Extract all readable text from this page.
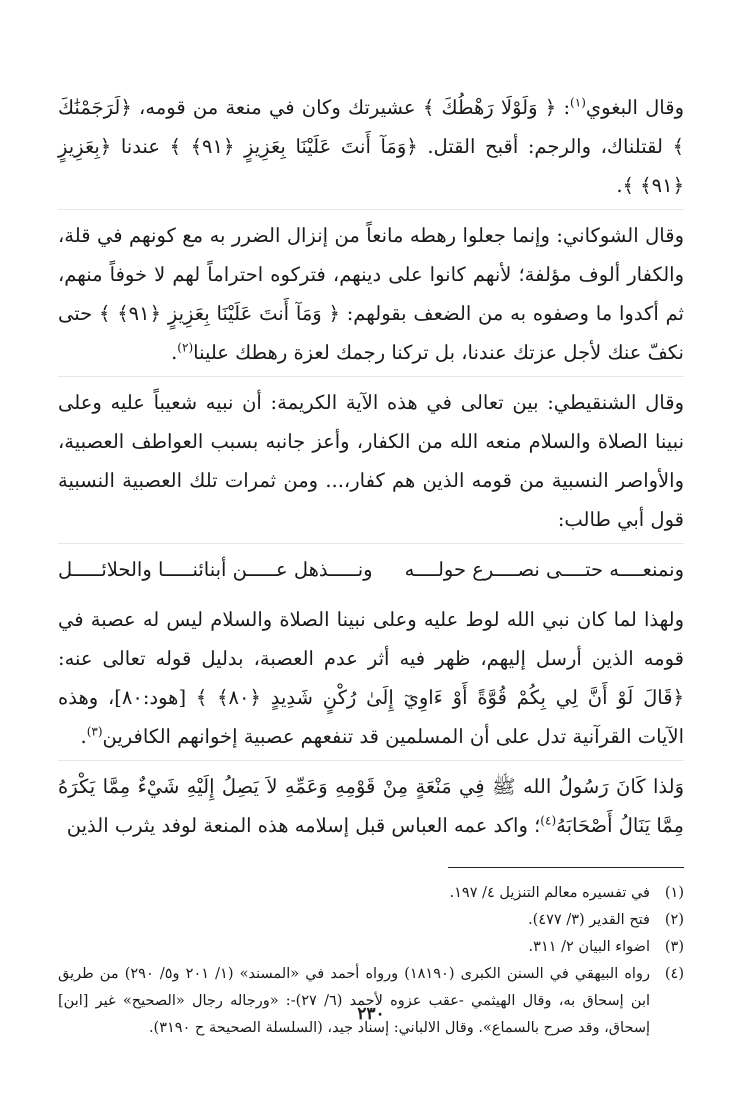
وقال البغوي$^{(١)}$: ﴿ وَلَوْلَا رَهْطُكَ ﴾ عشيرتك وكان في منعة من قومه، ﴿لَرَجَمْنَٰكَ ﴾ لقتلناك، والرجم: أقبح القتل. ﴿وَمَآ أَنتَ عَلَيْنَا بِعَزِيزٍ ﴿٩١﴾ ﴾ عندنا ﴿بِعَزِيزٍ ﴿٩١﴾ ﴾.

وقال الشوكاني: وإنما جعلوا رهطه مانعاً من إنزال الضرر به مع كونهم في قلة، والكفار ألوف مؤلفة؛ لأنهم كانوا على دينهم، فتركوه احتراماً لهم لا خوفاً منهم، ثم أكدوا ما وصفوه به من الضعف بقولهم: ﴿ وَمَآ أَنتَ عَلَيْنَا بِعَزِيزٍ ﴿٩١﴾ ﴾ حتى نكفّ عنك لأجل عزتك عندنا، بل تركنا رجمك لعزة رهطك علينا$^{(٢)}$.

وقال الشنقيطي: بين تعالى في هذه الآية الكريمة: أن نبيه شعيباً عليه وعلى نبينا الصلاة والسلام منعه الله من الكفار، وأعز جانبه بسبب العواطف العصبية، والأواصر النسبية من قومه الذين هم كفار،... ومن ثمرات تلك العصبية النسبية قول أبي طالب:

ونمنعــــه حتــــى نصــــرع حولــــه
ونـــــذهل عـــــن أبنائنـــــا والحلائـــــل

ولهذا لما كان نبي الله لوط عليه وعلى نبينا الصلاة والسلام ليس له عصبة في قومه الذين أرسل إليهم، ظهر فيه أثر عدم العصبة، بدليل قوله تعالى عنه: ﴿قَالَ لَوْ أَنَّ لِي بِكُمْ قُوَّةً أَوْ ءَاوِيٓ إِلَىٰ رُكْنٍ شَدِيدٍ ﴿٨٠﴾ ﴾ [هود:٨٠]، وهذه الآيات القرآنية تدل على أن المسلمين قد تنفعهم عصبية إخوانهم الكافرين$^{(٣)}$.

وَلذا كَانَ رَسُولُ الله ﷺ فِي مَنْعَةٍ مِنْ قَوْمِهِ وَعَمِّهِ لاَ يَصِلُ إِلَيْهِ شَيْءٌ مِمَّا يَكْرَهُ مِمَّا يَنَالُ أَصْحَابَهُ$^{(٤)}$؛ واكد عمه العباس قبل إسلامه هذه المنعة لوفد يثرب الذين

(١)
في تفسيره معالم التنزيل ٤/ ١٩٧.
(٢)
فتح القدير (٣/ ٤٧٧).
(٣)
اضواء البيان ٢/ ٣١١.
(٤)
رواه البيهقي في السنن الكبرى (١٨١٩٠) ورواه أحمد في «المسند» (١/ ٢٠١ و٥/ ٢٩٠) من طريق ابن إسحاق به، وقال الهيثمي -عقب عزوه لأحمد (٦/ ٢٧)-: «ورجاله رجال «الصحيح» غير [ابن] إسحاق، وقد صرح بالسماع». وقال الالباني: إسناد جيد، (السلسلة الصحيحة ح ٣١٩٠).
٢٣٠
